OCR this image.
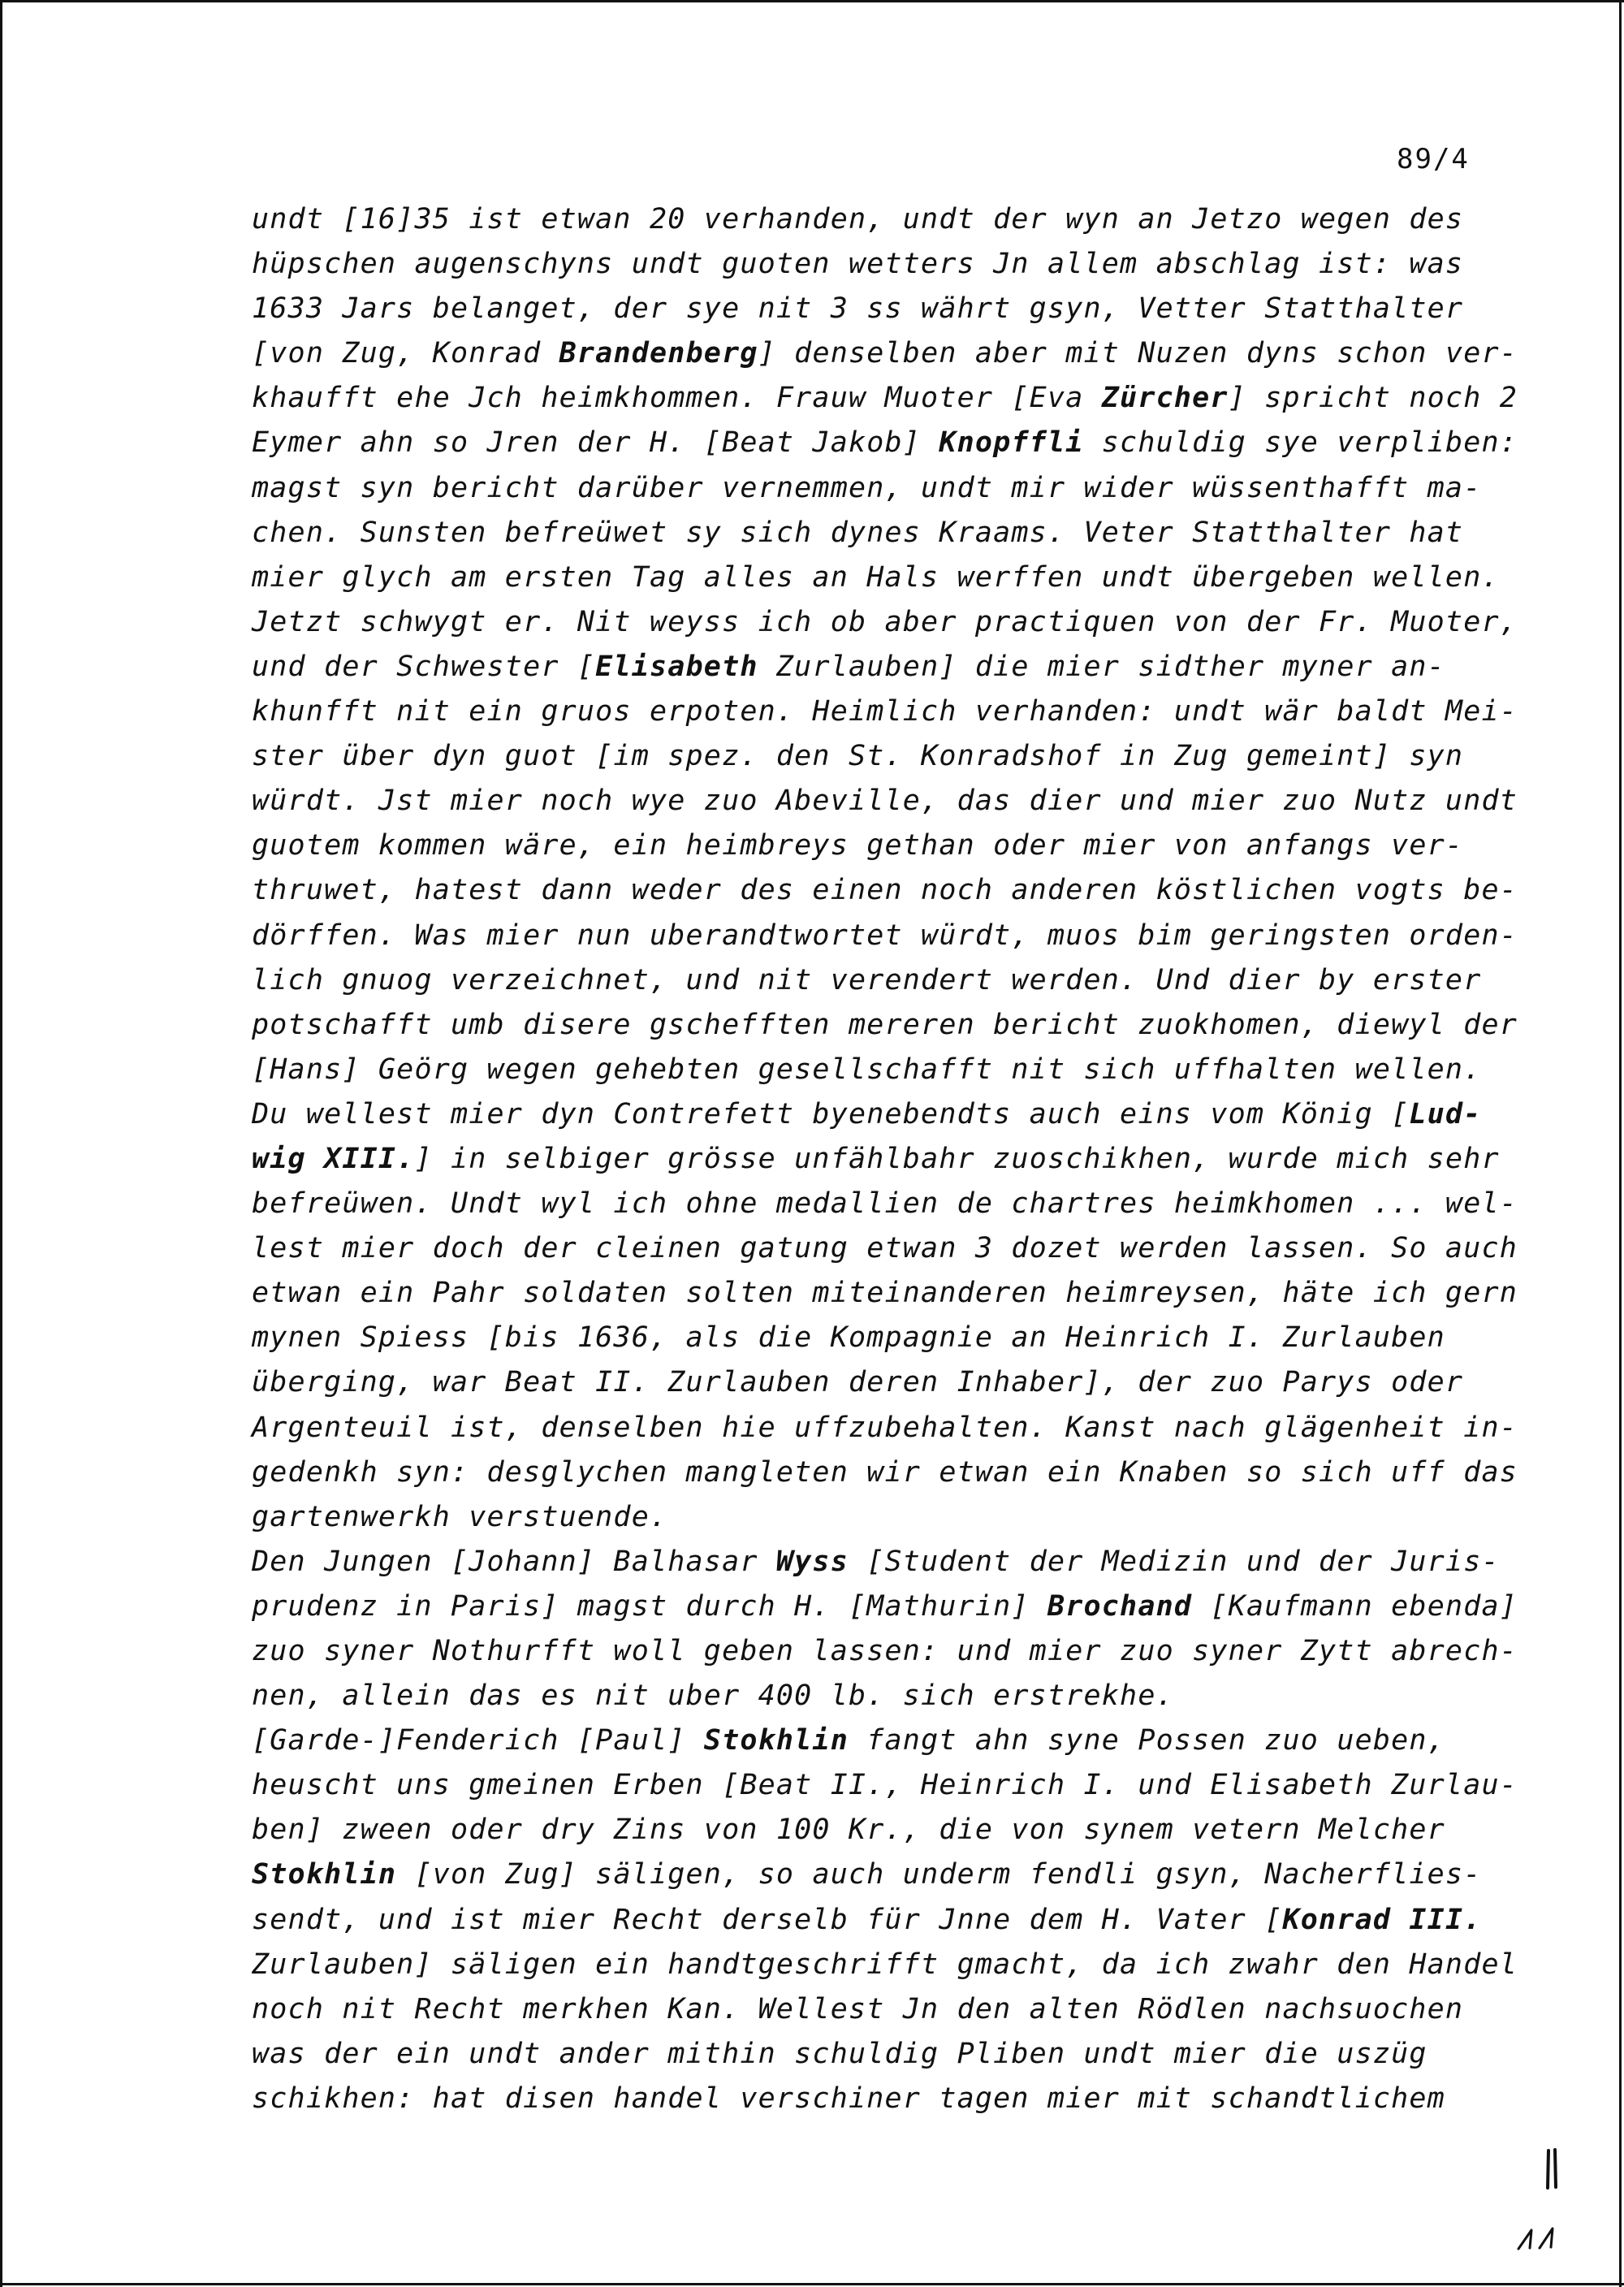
89/4
undt [16]35 ist etwan 20 verhanden, undt der wyn an Jetzo wegen des
hüpschen augenschyns undt guoten wetters Jn allem abschlag ist: was
1633 Jars belanget, der sye nit 3 ss währt gsyn, Vetter Statthalter
[von Zug, Konrad Brandenberg] denselben aber mit Nuzen dyns schon ver-
khaufft ehe Jch heimkhommen. Frauw Muoter [Eva Zürcher] spricht noch 2
Eymer ahn so Jren der H. [Beat Jakob] Knopffli schuldig sye verpliben:
magst syn bericht darüber vernemmen, undt mir wider wüssenthafft ma-
chen. Sunsten befreüwet sy sich dynes Kraams. Veter Statthalter hat
mier glych am ersten Tag alles an Hals werffen undt übergeben wellen.
Jetzt schwygt er. Nit weyss ich ob aber practiquen von der Fr. Muoter,
und der Schwester [Elisabeth Zurlauben] die mier sidther myner an-
khunfft nit ein gruos erpoten. Heimlich verhanden: undt wär baldt Mei-
ster über dyn guot [im spez. den St. Konradshof in Zug gemeint] syn
würdt. Jst mier noch wye zuo Abeville, das dier und mier zuo Nutz undt
guotem kommen wäre, ein heimbreys gethan oder mier von anfangs ver-
thruwet, hatest dann weder des einen noch anderen köstlichen vogts be-
dörffen. Was mier nun uberandtwortet würdt, muos bim geringsten orden-
lich gnuog verzeichnet, und nit verendert werden. Und dier by erster
potschafft umb disere gschefften mereren bericht zuokhomen, diewyl der
[Hans] Geörg wegen gehebten gesellschafft nit sich uffhalten wellen.
Du wellest mier dyn Contrefett byenebendts auch eins vom König [Lud-
wig XIII.] in selbiger grösse unfählbahr zuoschikhen, wurde mich sehr
befreüwen. Undt wyl ich ohne medallien de chartres heimkhomen ... wel-
lest mier doch der cleinen gatung etwan 3 dozet werden lassen. So auch
etwan ein Pahr soldaten solten miteinanderen heimreysen, häte ich gern
mynen Spiess [bis 1636, als die Kompagnie an Heinrich I. Zurlauben
überging, war Beat II. Zurlauben deren Inhaber], der zuo Parys oder
Argenteuil ist, denselben hie uffzubehalten. Kanst nach glägenheit in-
gedenkh syn: desglychen mangleten wir etwan ein Knaben so sich uff das
gartenwerkh verstuende.
Den Jungen [Johann] Balhasar Wyss [Student der Medizin und der Juris-
prudenz in Paris] magst durch H. [Mathurin] Brochand [Kaufmann ebenda]
zuo syner Nothurfft woll geben lassen: und mier zuo syner Zytt abrech-
nen, allein das es nit uber 400 lb. sich erstrekhe.
[Garde-]Fenderich [Paul] Stokhlin fangt ahn syne Possen zuo ueben,
heuscht uns gmeinen Erben [Beat II., Heinrich I. und Elisabeth Zurlau-
ben] zween oder dry Zins von 100 Kr., die von synem vetern Melcher
Stokhlin [von Zug] säligen, so auch underm fendli gsyn, Nacherflies-
sendt, und ist mier Recht derselb für Jnne dem H. Vater [Konrad III.
Zurlauben] säligen ein handtgeschrifft gmacht, da ich zwahr den Handel
noch nit Recht merkhen Kan. Wellest Jn den alten Rödlen nachsuochen
was der ein undt ander mithin schuldig Pliben undt mier die uszüg
schikhen: hat disen handel verschiner tagen mier mit schandtlichem
